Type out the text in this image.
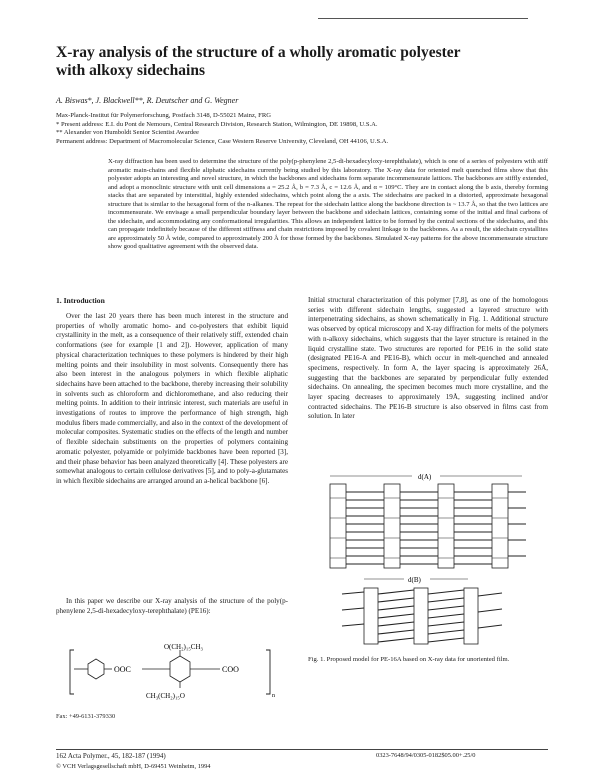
X-ray analysis of the structure of a wholly aromatic polyester with alkoxy sidechains
A. Biswas*, J. Blackwell**, R. Deutscher and G. Wegner
Max-Planck-Institut für Polymerforschung, Postfach 3148, D-55021 Mainz, FRG
* Present address: E.I. du Pont de Nemours, Central Research Division, Research Station, Wilmington, DE 19898, U.S.A.
** Alexander von Humboldt Senior Scientist Awardee
Permanent address: Department of Macromolecular Science, Case Western Reserve University, Cleveland, OH 44106, U.S.A.
X-ray diffraction has been used to determine the structure of the poly(p-phenylene 2,5-di-hexadecyloxy-terephthalate), which is one of a series of polyesters with stiff aromatic main-chains and flexible aliphatic sidechains currently being studied by this laboratory. The X-ray data for oriented melt quenched films show that this polyester adopts an interesting and novel structure, in which the backbones and sidechains form separate incommensurate lattices. The backbones are stiffly extended, and adopt a monoclinic structure with unit cell dimensions a = 25.2 Å, b = 7.3 Å, c = 12.6 Å, and α = 109°C. They are in contact along the b axis, thereby forming stacks that are separated by interstitial, highly extended sidechains, which point along the a axis. The sidechains are packed in a distorted, approximate hexagonal structure that is similar to the hexagonal form of the n-alkanes. The repeat for the sidechain lattice along the backbone direction is ~ 13.7 Å, so that the two lattices are incommensurate. We envisage a small perpendicular boundary layer between the backbone and sidechain lattices, containing some of the initial and final carbons of the sidechain, and accommodating any conformational irregularities. This allows an independent lattice to be formed by the central sections of the sidechains, and this can propagate indefinitely because of the different stiffness and chain restrictions imposed by covalent linkage to the backbones. As a result, the sidechain crystallites are approximately 50 Å wide, compared to approximately 200 Å for those formed by the backbones. Simulated X-ray patterns for the above incommensurate structure show good qualitative agreement with the observed data.
1. Introduction
Over the last 20 years there has been much interest in the structure and properties of wholly aromatic homo- and co-polyesters that exhibit liquid crystallinity in the melt, as a consequence of their relatively stiff, extended chain conformations (see for example [1 and 2]). However, application of many physical characterization techniques to these polymers is hindered by their high melting points and their insolubility in most solvents. Consequently there has also been interest in the analogous polymers in which flexible aliphatic sidechains have been attached to the backbone, thereby increasing their solubility in solvents such as chloroform and dichloromethane, and also reducing their melting points. In addition to their intrinsic interest, such materials are useful in investigations of routes to improve the performance of high strength, high modulus fibers made commercially, and also in the context of the development of molecular composites. Systematic studies on the effects of the length and number of flexible sidechain substituents on the properties of polymers containing aromatic polyester, polyamide or polyimide backbones have been reported [3], and their phase behavior has been analyzed theoretically [4]. These polyesters are somewhat analogous to certain cellulose derivatives [5], and to poly-a-glutamates in which flexible sidechains are arranged around an a-helical backbone [6].
In this paper we describe our X-ray analysis of the structure of the poly(p-phenylene 2,5-di-hexadecyloxy-terephthalate) (PE16):
OOC	COO
O(CH₂)₁₅CH₃
CH₃(CH₂)₁₅O	n
Fax: +49-6131-379330
Initial structural characterization of this polymer [7,8], as one of the homologous series with different sidechain lengths, suggested a layered structure with interpenetrating sidechains, as shown schematically in Fig. 1. Additional structure was observed by optical microscopy and X-ray diffraction for melts of the polymers with n-alkoxy sidechains, which suggests that the layer structure is retained in the liquid crystalline state. Two structures are reported for PE16 in the solid state (designated PE16-A and PE16-B), which occur in melt-quenched and annealed specimens, respectively. In form A, the layer spacing is approximately 26Å, suggesting that the backbones are separated by perpendicular fully extended sidechains. On annealing, the specimen becomes much more crystalline, and the layer spacing decreases to approximately 19Å, suggesting inclined and/or contracted sidechains. The PE16-B structure is also observed in films cast from solution. In later
d(A)
d(B)
Fig. 1. Proposed model for PE-16A based on X-ray data for unoriented film.
162 Acta Polymer., 45, 182-187 (1994)
© VCH Verlagsgesellschaft mbH, D-69451 Weinheim, 1994
0323-7648/94/0305-0182$05.00+.25/0
